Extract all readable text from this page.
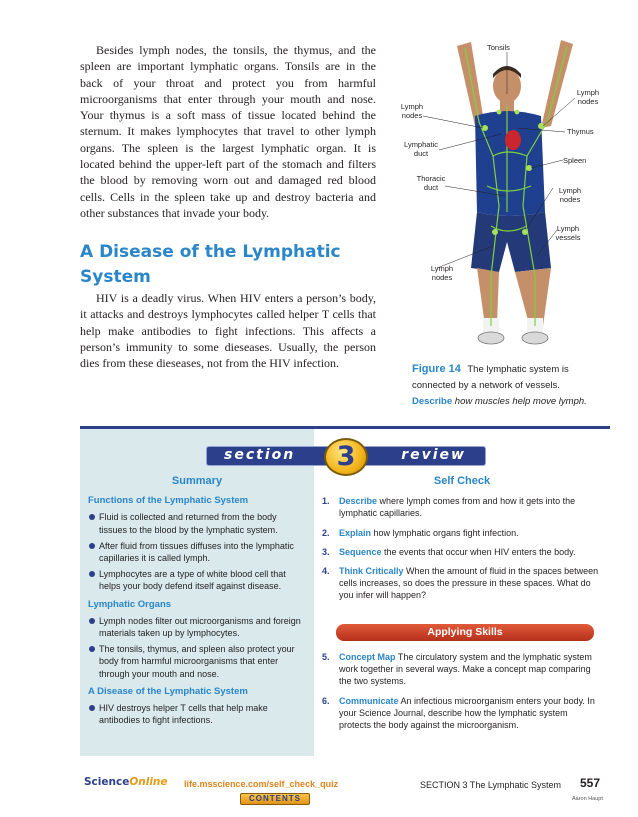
Besides lymph nodes, the tonsils, the thymus, and the spleen are important lymphatic organs. Tonsils are in the back of your throat and protect you from harmful microorganisms that enter through your mouth and nose. Your thymus is a soft mass of tissue located behind the sternum. It makes lymphocytes that travel to other lymph organs. The spleen is the largest lymphatic organ. It is located behind the upper-left part of the stomach and filters the blood by removing worn out and damaged red blood cells. Cells in the spleen take up and destroy bacteria and other substances that invade your body.

A Disease of the Lymphatic System

HIV is a deadly virus. When HIV enters a person’s body, it attacks and destroys lymphocytes called helper T cells that help make antibodies to fight infections. This affects a person’s immunity to some dieseases. Usually, the person dies from these dieseases, not from the HIV infection.

Tonsils
Lymph nodes
Lymph nodes
Thymus
Lymphatic duct
Spleen
Thoracic duct	Lymph nodes
Lymph vessels
Lymph nodes
Figure 14 The lymphatic system is connected by a network of vessels.
Describe how muscles help move lymph.
section	3	review
Summary
Functions of the Lymphatic System
Fluid is collected and returned from the body tissues to the blood by the lymphatic system.
After fluid from tissues diffuses into the lymphatic capillaries it is called lymph.
Lymphocytes are a type of white blood cell that helps your body defend itself against disease.
Lymphatic Organs
Lymph nodes filter out microorganisms and foreign materials taken up by lymphocytes.
The tonsils, thymus, and spleen also protect your body from harmful microorganisms that enter through your mouth and nose.
A Disease of the Lymphatic System
HIV destroys helper T cells that help make antibodies to fight infections.
Self Check
1. Describe where lymph comes from and how it gets into the lymphatic capillaries.
2. Explain how lymphatic organs fight infection.
3. Sequence the events that occur when HIV enters the body.
4. Think Critically When the amount of fluid in the spaces between cells increases, so does the pressure in these spaces. What do you infer will happen?
Applying Skills
5. Concept Map The circulatory system and the lymphatic system work together in several ways. Make a concept map comparing the two systems.
6. Communicate An infectious microorganism enters your body. In your Science Journal, describe how the lymphatic system protects the body against the microorganism.
ScienceOnline life.msscience.com/self_check_quiz
CONTENTS
SECTION 3 The Lymphatic System 557
Aaron Haupt
